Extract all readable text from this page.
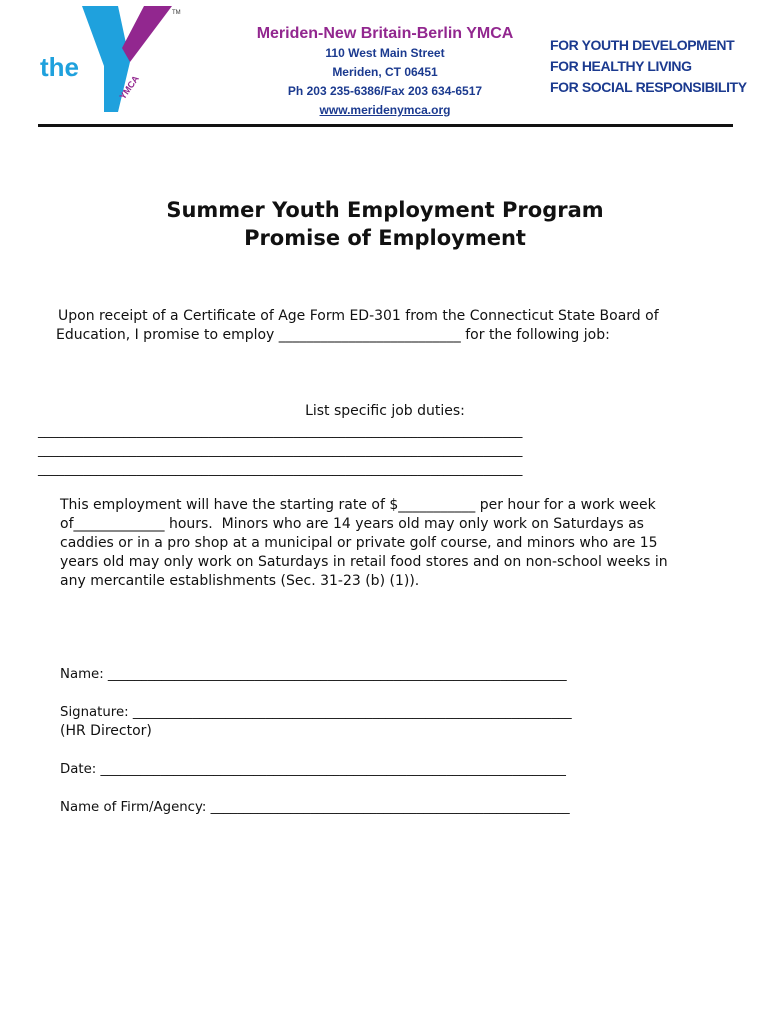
the
YMCA
TM
Meriden-New Britain-Berlin YMCA
110 West Main Street
Meriden, CT 06451
Ph 203 235-6386/Fax 203 634-6517
www.meridenymca.org
FOR YOUTH DEVELOPMENT
FOR HEALTHY LIVING
FOR SOCIAL RESPONSIBILITY
Summer Youth Employment Program
Promise of Employment
Upon receipt of a Certificate of Age Form ED-301 from the Connecticut State Board of
Education, I promise to employ __________________________ for the following job:
List specific job duties:
__________________________________________________________________________
__________________________________________________________________________
__________________________________________________________________________
This employment will have the starting rate of $___________ per hour for a work week
of_____________ hours.  Minors who are 14 years old may only work on Saturdays as
caddies or in a pro shop at a municipal or private golf course, and minors who are 15
years old may only work on Saturdays in retail food stores and on non-school weeks in
any mercantile establishments (Sec. 31-23 (b) (1)).
Name: _____________________________________________________________________
Signature: __________________________________________________________________
(HR Director)
Date: ______________________________________________________________________
Name of Firm/Agency: ______________________________________________________
